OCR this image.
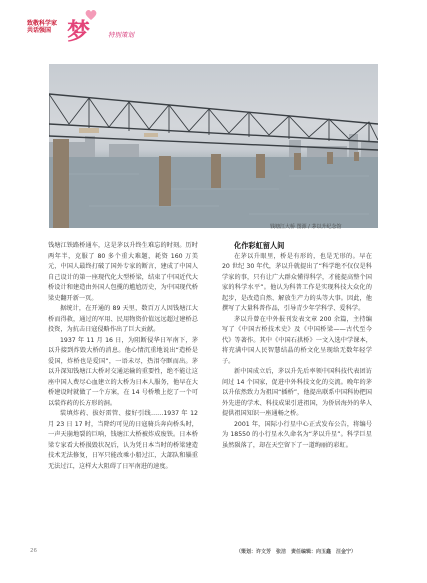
致敬科学家
共话强国 梦	特别策划
钱塘江大桥 图源 / 茅以升纪念馆

钱塘江铁路桥通车，这是茅以升终生难忘的时刻。历时两年半，克服了 80 多个重大难题，耗资 160 万美元，中国人最终打破了国外专家的断言，建成了中国人自己设计的第一座现代化大型桥梁，结束了中国近代大桥设计和建造由外国人包揽的尴尬历史，为中国现代桥梁史翻开新一页。

据统计，在开通的 89 天里，数百万人因钱塘江大桥而得救，通过的军用、民用物资价值远远超过建桥总投资，为抗击日寇侵略作出了巨大贡献。

1937 年 11 月 16 日，为阻断侵华日军南下，茅以升接到炸毁大桥的消息。他心情沉重地说出“造桥是爱国，炸桥也是爱国”，一语未尽，热泪夺眶而出。茅以升深知钱塘江大桥对交通运输的重要性，绝不能让这座中国人费尽心血建立的大桥为日本人服务，他早在大桥建设时就做了一个方案，在 14 号桥墩上挖了一个可以装炸药的长方形的洞。

装填炸药、拔好雷管、接好引线……1937 年 12 月 23 日 17 时，当降约可见的日寇骑兵奔向桥头时，一声天崩地裂的巨响，钱塘江大桥被炸成废铁。日本桥梁专家看大桥损毁状况后，认为凭日本当时的桥梁建造技术无法修复，日军只能改乘小船过江，大部队和辎重无法过江，这样大大阻碍了日军南进的速度。

化作彩虹留人间

在茅以升眼里，桥是有形的，也是无形的。早在 20 世纪 30 年代，茅以升就提出了“科学绝不仅仅是科学家的事，只有让广大群众懂得科学，才能提高整个国家的科学水平”。他认为科普工作是实现科技大众化的起步，是改造自然、解放生产力的头等大事。因此，他撰写了大量科普作品，引导青少年学科学、爱科学。

茅以升曾在中外报刊发表文章 200 余篇，主持编写了《中国古桥技术史》及《中国桥梁——古代至今代》等著作。其中《中国石拱桥》一文入选中学课本，将充满中国人民智慧结晶的桥文化呈现给无数年轻学子。

新中国成立后，茅以升先后率领中国科技代表团访问过 14 个国家，促进中外科技文化的交流。晚年的茅以升依然致力为祖国“插桥”，他提出联系中国科协把国外先进的学术、科技成果引进祖国，为侨居海外的华人提供祖国知识一座通畅之桥。

2001 年，国际小行星中心正式发布公告，将编号为 18550 的小行星永久命名为“茅以升星”。科学巨星虽然陨落了，却在天空留下了一道绚丽的彩虹。

（策划：许文芳　张洁　责任编辑：向玉鑫　汪金宁）
26
